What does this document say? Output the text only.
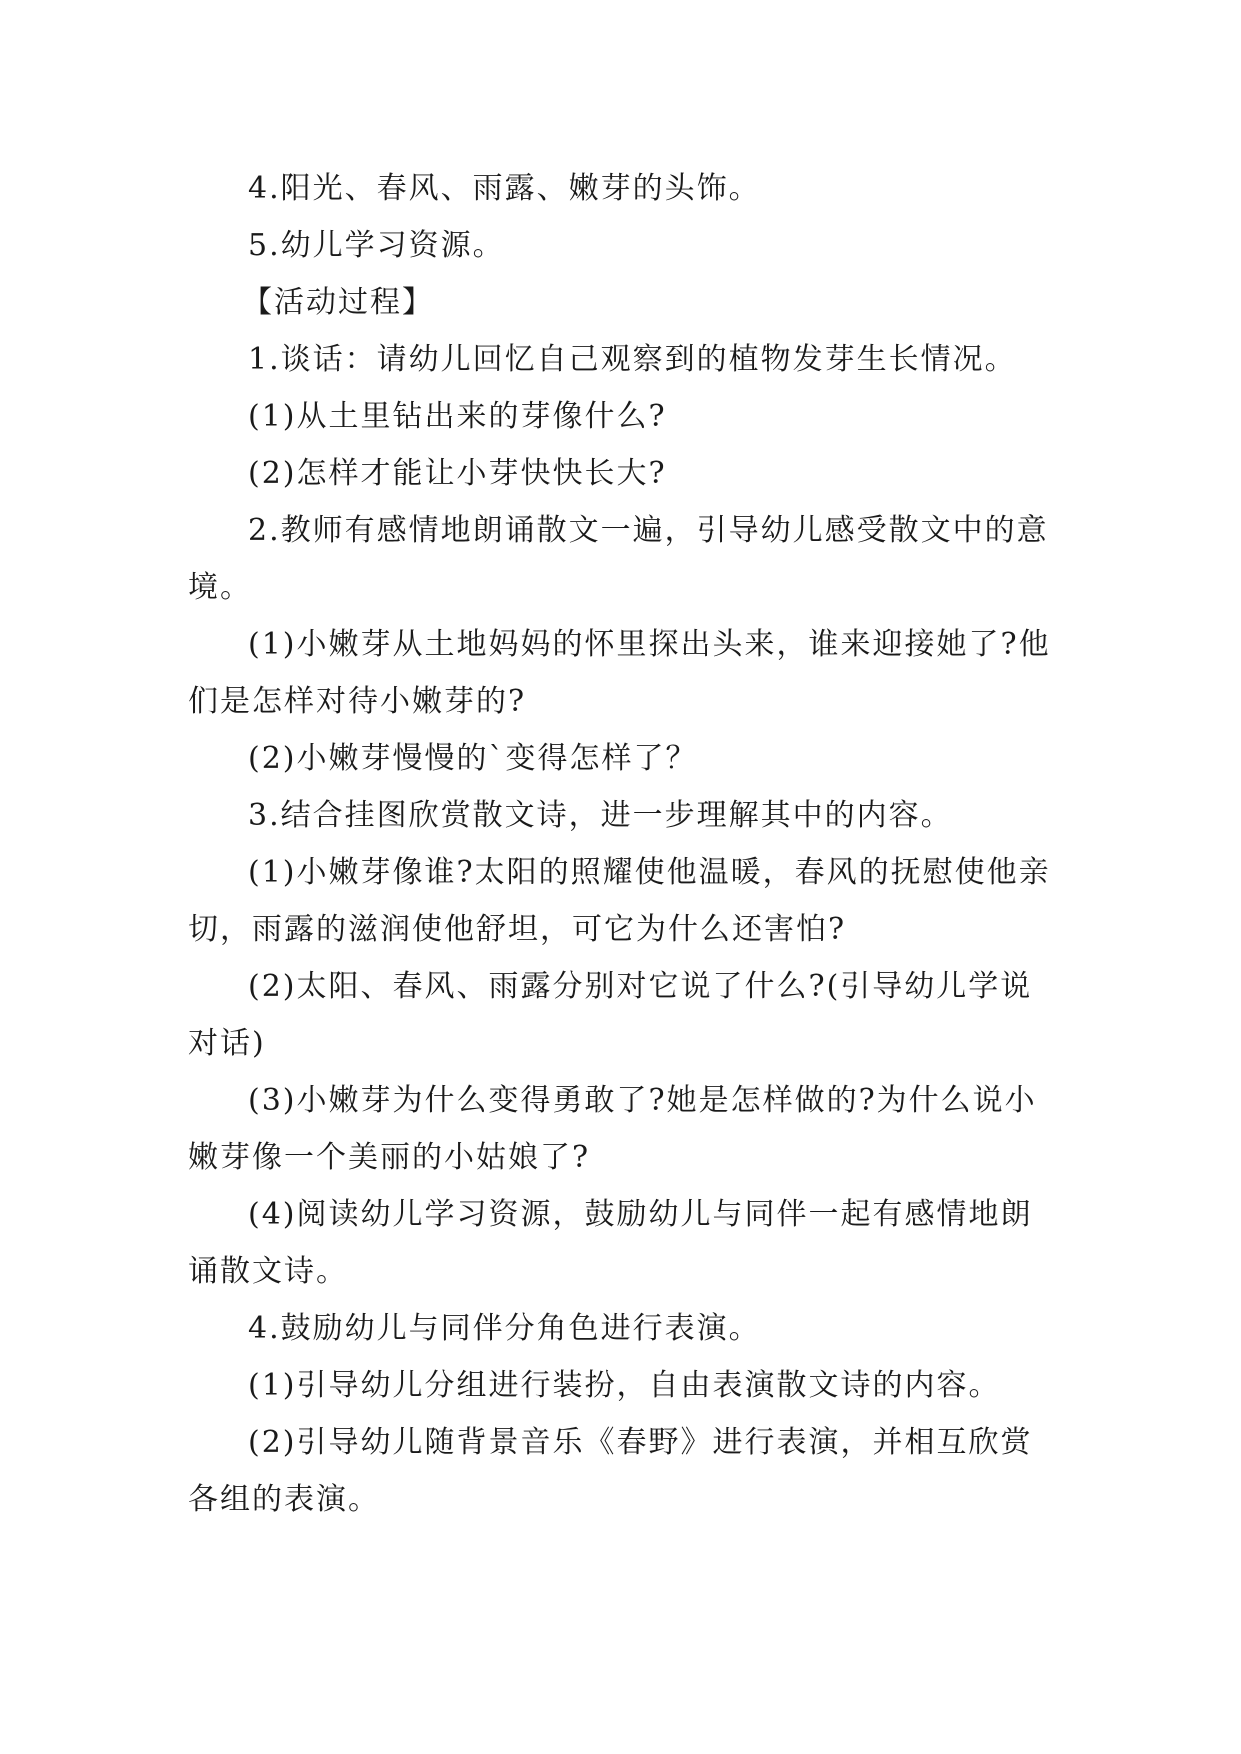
4.阳光、春风、雨露、嫩芽的头饰。

5.幼儿学习资源。

【活动过程】

1.谈话：请幼儿回忆自己观察到的植物发芽生长情况。

(1)从土里钻出来的芽像什么?

(2)怎样才能让小芽快快长大?

2.教师有感情地朗诵散文一遍，引导幼儿感受散文中的意境。

(1)小嫩芽从土地妈妈的怀里探出头来，谁来迎接她了?他们是怎样对待小嫩芽的?

(2)小嫩芽慢慢的`变得怎样了？

3.结合挂图欣赏散文诗，进一步理解其中的内容。

(1)小嫩芽像谁?太阳的照耀使他温暖，春风的抚慰使他亲切，雨露的滋润使他舒坦，可它为什么还害怕?

(2)太阳、春风、雨露分别对它说了什么?(引导幼儿学说对话)

(3)小嫩芽为什么变得勇敢了?她是怎样做的?为什么说小嫩芽像一个美丽的小姑娘了?

(4)阅读幼儿学习资源，鼓励幼儿与同伴一起有感情地朗诵散文诗。

4.鼓励幼儿与同伴分角色进行表演。

(1)引导幼儿分组进行装扮，自由表演散文诗的内容。

(2)引导幼儿随背景音乐《春野》进行表演，并相互欣赏各组的表演。
